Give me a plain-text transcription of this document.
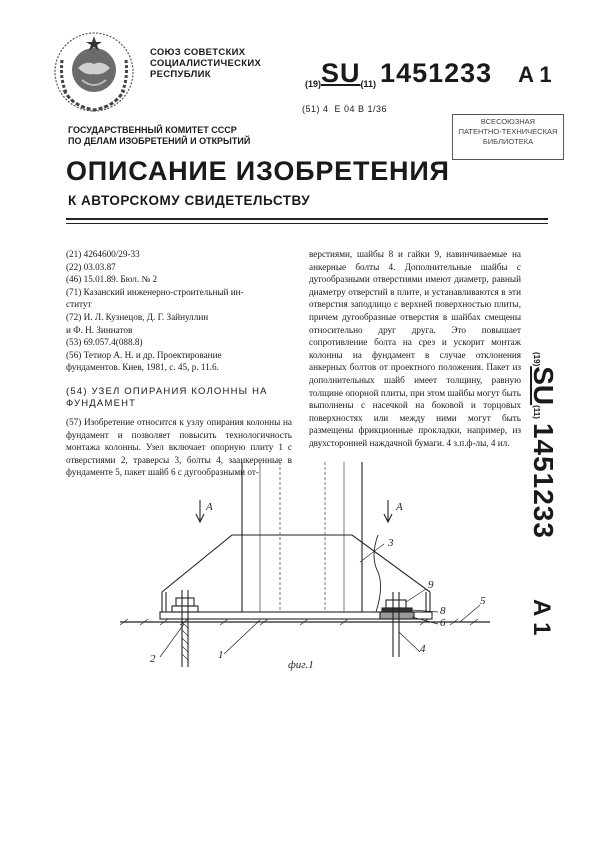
СОЮЗ СОВЕТСКИХ
СОЦИАЛИСТИЧЕСКИХ
РЕСПУБЛИК
(19)SU(11) 1451233 A 1
(51) 4 E 04 B 1/36
ВСЕСОЮЗНАЯ
ПАТЕНТНО-ТЕХНИЧЕСКАЯ
БИБЛИОТЕКА
ГОСУДАРСТВЕННЫЙ КОМИТЕТ СССР
ПО ДЕЛАМ ИЗОБРЕТЕНИЙ И ОТКРЫТИЙ
ОПИСАНИЕ ИЗОБРЕТЕНИЯ
К АВТОРСКОМУ СВИДЕТЕЛЬСТВУ
(21) 4264600/29-33
(22) 03.03.87
(46) 15.01.89. Бюл. № 2
(71) Казанский инженерно-строительный ин-
ститут
(72) И. Л. Кузнецов, Д. Г. Зайнуллин
и Ф. Н. Зиннатов
(53) 69.057.4(088.8)
(56) Тетиор А. Н. и др. Проектирование
фундаментов. Киев, 1981, с. 45, р. 11.6.
(54) УЗЕЛ ОПИРАНИЯ КОЛОННЫ НА ФУНДАМЕНТ
(57) Изобретение относится к узлу опирания колонны на фундамент и позволяет повысить технологичность монтажа колонны. Узел включает опорную плиту 1 с отверстиями 2, траверсы 3, болты 4, заанкеренные в фундаменте 5, пакет шайб 6 с дугообразными от-
верстиями, шайбы 8 и гайки 9, навинчиваемые на анкерные болты 4. Дополнительные шайбы с дугообразными отверстиями имеют диаметр, равный диаметру отверстий в плите, и устанавливаются в эти отверстия заподлицо с верхней поверхностью плиты, причем дугообразные отверстия в шайбах смещены относительно друг друга. Это повышает сопротивление болта на срез и ускорит монтаж колонны на фундамент в случае отклонения анкерных болтов от проектного положения. Пакет из дополнительных шайб имеет толщину, равную толщине опорной плиты, при этом шайбы могут быть выполнены с насечкой на боковой и торцовых поверхностях или между ними могут быть размещены фрикционные прокладки, например, из двухсторонней наждачной бумаги. 4 з.п.ф-лы, 4 ил.
(19)SU(11)1451233A 1
A	A
фиг.1
1
2
3
4
5
6
8
9
